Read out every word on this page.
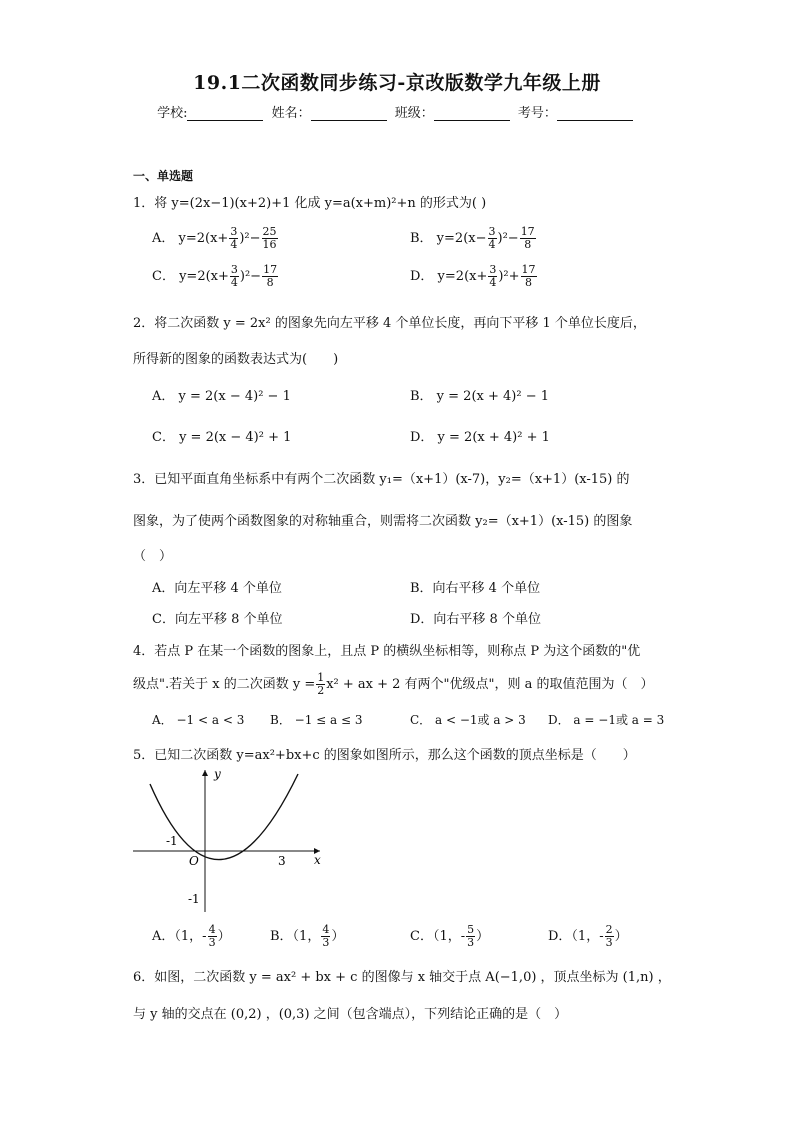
19.1二次函数同步练习-京改版数学九年级上册
学校:	姓名：	班级：	考号：
一、单选题
1．将 y=(2x−1)(x+2)+1 化成 y=a(x+m)²+n 的形式为( )
A． $y=2(x+ \frac{3}{4} )^2- \frac{25}{16}$	B． $y=2(x- \frac{3}{4} )^2- \frac{17}{8}$
C． $y=2(x+ \frac{3}{4} )^2- \frac{17}{8}$	D． $y=2(x+ \frac{3}{4} )^2+ \frac{17}{8}$
2．将二次函数 y = 2x² 的图象先向左平移 4 个单位长度，再向下平移 1 个单位长度后，
所得新的图象的函数表达式为(　　)
A． y = 2(x − 4)² − 1	B． y = 2(x + 4)² − 1
C． y = 2(x − 4)² + 1	D． y = 2(x + 4)² + 1
3．已知平面直角坐标系中有两个二次函数 y₁=（x+1）(x-7)，y₂=（x+1）(x-15) 的
图象，为了使两个函数图象的对称轴重合，则需将二次函数 y₂=（x+1）(x-15) 的图象
（　）
A．向左平移 4 个单位	B．向右平移 4 个单位
C．向左平移 8 个单位	D．向右平移 8 个单位
4．若点 P 在某一个函数的图象上，且点 P 的横纵坐标相等，则称点 P 为这个函数的"优
级点".若关于 x 的二次函数 $y = \frac{1}{2} x^2$ + ax + 2 有两个"优级点"，则 a 的取值范围为（　）
A． −1 < a < 3 B． −1 ≤ a ≤ 3	C． a < −1或 a > 3 D． a = −1或 a = 3
5．已知二次函数 y=ax²+bx+c 的图象如图所示，那么这个函数的顶点坐标是（　　）
y
x
O
-1
3
-1
A．（1，- $\frac{4}{3}$ ）	B．（1， $\frac{4}{3}$ ）	C．（1，- $\frac{5}{3}$ ）	D．（1，- $\frac{2}{3}$ ）
6．如图，二次函数 y = ax² + bx + c 的图像与 x 轴交于点 A(−1,0) ，顶点坐标为 (1,n) ，
与 y 轴的交点在 (0,2) ，(0,3) 之间（包含端点），下列结论正确的是（　）
